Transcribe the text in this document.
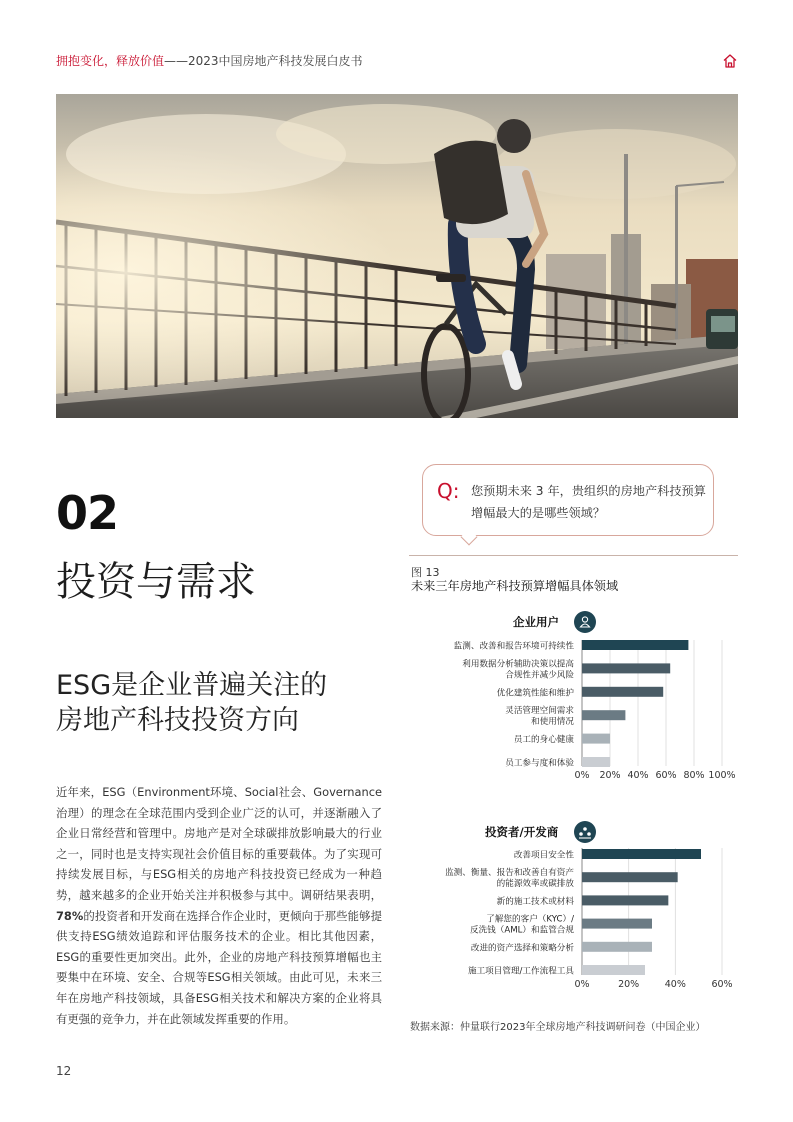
拥抱变化，释放价值——2023中国房地产科技发展白皮书
02
投资与需求
ESG是企业普遍关注的
房地产科技投资方向
近年来，ESG（Environment环境、Social社会、Governance治理）的理念在全球范围内受到企业广泛的认可，并逐渐融入了企业日常经营和管理中。房地产是对全球碳排放影响最大的行业之一，同时也是支持实现社会价值目标的重要载体。为了实现可持续发展目标，与ESG相关的房地产科技投资已经成为一种趋势，越来越多的企业开始关注并积极参与其中。调研结果表明，78%的投资者和开发商在选择合作企业时，更倾向于那些能够提供支持ESG绩效追踪和评估服务技术的企业。相比其他因素，ESG的重要性更加突出。此外，企业的房地产科技预算增幅也主要集中在环境、安全、合规等ESG相关领域。由此可见，未来三年在房地产科技领域，具备ESG相关技术和解决方案的企业将具有更强的竞争力，并在此领域发挥重要的作用。
12
Q: 您预期未来 3 年，贵组织的房地产科技预算增幅最大的是哪些领域？
图 13
未来三年房地产科技预算增幅具体领域
企业用户
0% 20% 40% 60% 80% 100%
监测、改善和报告环境可持续性
利用数据分析辅助决策以提高
合规性并减少风险
优化建筑性能和维护
灵活管理空间需求
和使用情况
员工的身心健康
员工参与度和体验
投资者/开发商
0%	20%	40%	60%
改善项目安全性
监测、衡量、报告和改善自有资产
的能源效率或碳排放
新的施工技术或材料
了解您的客户（KYC）/
反洗钱（AML）和监管合规
改进的资产选择和策略分析
施工项目管理/工作流程工具
数据来源：仲量联行2023年全球房地产科技调研问卷（中国企业）
